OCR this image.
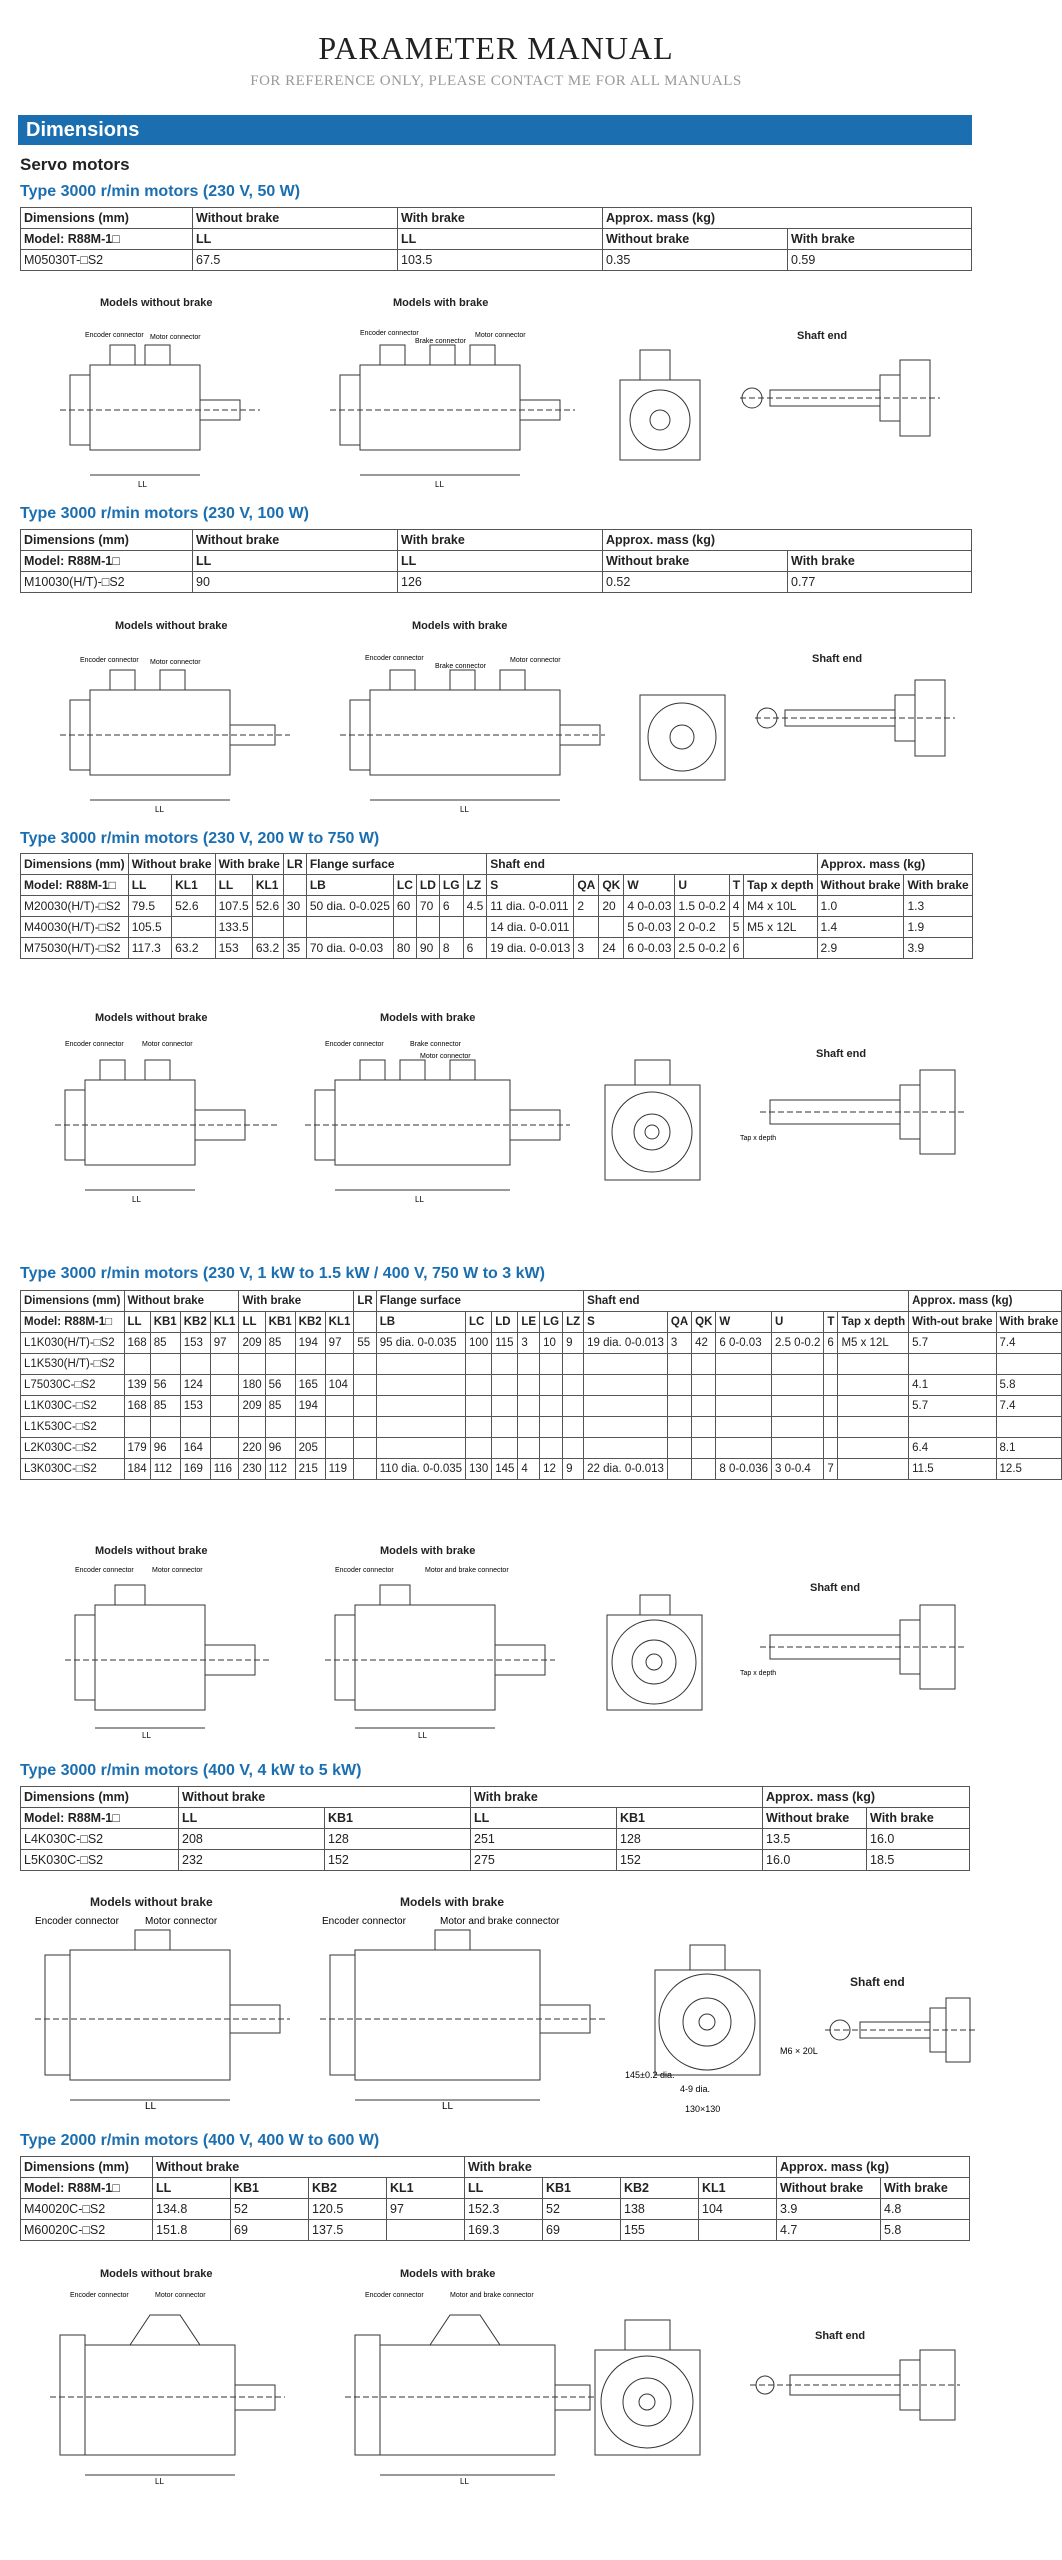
PARAMETER MANUAL
FOR REFERENCE ONLY, PLEASE CONTACT ME FOR ALL MANUALS
Dimensions
Servo motors
Type 3000 r/min motors (230 V, 50 W)
Dimensions (mm)	Without brake	With brake	Approx. mass (kg)	
Model: R88M-1□	LL	LL	Without brake	With brake
M05030T-□S2	67.5	103.5	0.35	0.59
Models without brake	Models with brake
Shaft end
Encoder connector Motor connector
LL
Encoder connector
Brake connector
Motor connector
LL
Type 3000 r/min motors (230 V, 100 W)
Dimensions (mm)	Without brake	With brake	Approx. mass (kg)	
Model: R88M-1□	LL	LL	Without brake	With brake
M10030(H/T)-□S2	90	126	0.52	0.77
Models without brake	Models with brake
Shaft end
Encoder connector Motor connector
LL
Encoder connector
Brake connector
Motor connector
LL
Type 3000 r/min motors (230 V, 200 W to 750 W)
Dimensions (mm)	Without brake		With brake		LR	Flange surface					Shaft end							Approx. mass (kg)	
Model: R88M-1□	LL	KL1	LL	KL1		LB	LC	LD	LG	LZ	S	QA	QK	W	U	T	Tap x depth	Without brake	With brake
M20030(H/T)-□S2	79.5	52.6	107.5	52.6	30	50 dia. 0-0.025	60	70	6	4.5	11 dia. 0-0.011	2	20	4 0-0.03	1.5 0-0.2	4	M4 x 10L	1.0	1.3
M40030(H/T)-□S2	105.5		133.5								14 dia. 0-0.011			5 0-0.03	2 0-0.2	5	M5 x 12L	1.4	1.9
M75030(H/T)-□S2	117.3	63.2	153	63.2	35	70 dia. 0-0.03	80	90	8	6	19 dia. 0-0.013	3	24	6 0-0.03	2.5 0-0.2	6		2.9	3.9
Models without brake	Models with brake
Shaft end
Encoder connector	Motor connector
LL
Encoder connector	Brake connector
Motor connector
LL
Tap x depth
Type 3000 r/min motors (230 V, 1 kW to 1.5 kW / 400 V, 750 W to 3 kW)
Dimensions (mm)	Without brake				With brake				LR	Flange surface						Shaft end							Approx. mass (kg)	
Model: R88M-1□	LL	KB1	KB2	KL1	LL	KB1	KB2	KL1		LB	LC	LD	LE	LG	LZ	S	QA	QK	W	U	T	Tap x depth	With-out brake	With brake
L1K030(H/T)-□S2	168	85	153	97	209	85	194	97	55	95 dia. 0-0.035	100	115	3	10	9	19 dia. 0-0.013	3	42	6 0-0.03	2.5 0-0.2	6	M5 x 12L	5.7	7.4
L1K530(H/T)-□S2																								
L75030C-□S2	139	56	124		180	56	165	104															4.1	5.8
L1K030C-□S2	168	85	153		209	85	194																5.7	7.4
L1K530C-□S2																								
L2K030C-□S2	179	96	164		220	96	205																6.4	8.1
L3K030C-□S2	184	112	169	116	230	112	215	119		110 dia. 0-0.035	130	145	4	12	9	22 dia. 0-0.013			8 0-0.036	3 0-0.4	7		11.5	12.5
Models without brake	Models with brake
Shaft end
Encoder connector	Motor connector
LL
Encoder connector	Motor and brake connector
LL
Tap x depth
Type 3000 r/min motors (400 V, 4 kW to 5 kW)
Dimensions (mm)	Without brake		With brake		Approx. mass (kg)	
Model: R88M-1□	LL	KB1	LL	KB1	Without brake	With brake
L4K030C-□S2	208	128	251	128	13.5	16.0
L5K030C-□S2	232	152	275	152	16.0	18.5
Models without brake	Models with brake
Shaft end
Encoder connector	Motor connector
LL
Encoder connector	Motor and brake connector
LL
145±0.2 dia.
4-9 dia.
130×130
M6 × 20L
Type 2000 r/min motors (400 V, 400 W to 600 W)
Dimensions (mm)	Without brake				With brake				Approx. mass (kg)	
Model: R88M-1□	LL	KB1	KB2	KL1	LL	KB1	KB2	KL1	Without brake	With brake
M40020C-□S2	134.8	52	120.5	97	152.3	52	138	104	3.9	4.8
M60020C-□S2	151.8	69	137.5		169.3	69	155		4.7	5.8
Models without brake	Models with brake
Shaft end
Encoder connector	Motor connector
LL
Encoder connector	Motor and brake connector
LL
